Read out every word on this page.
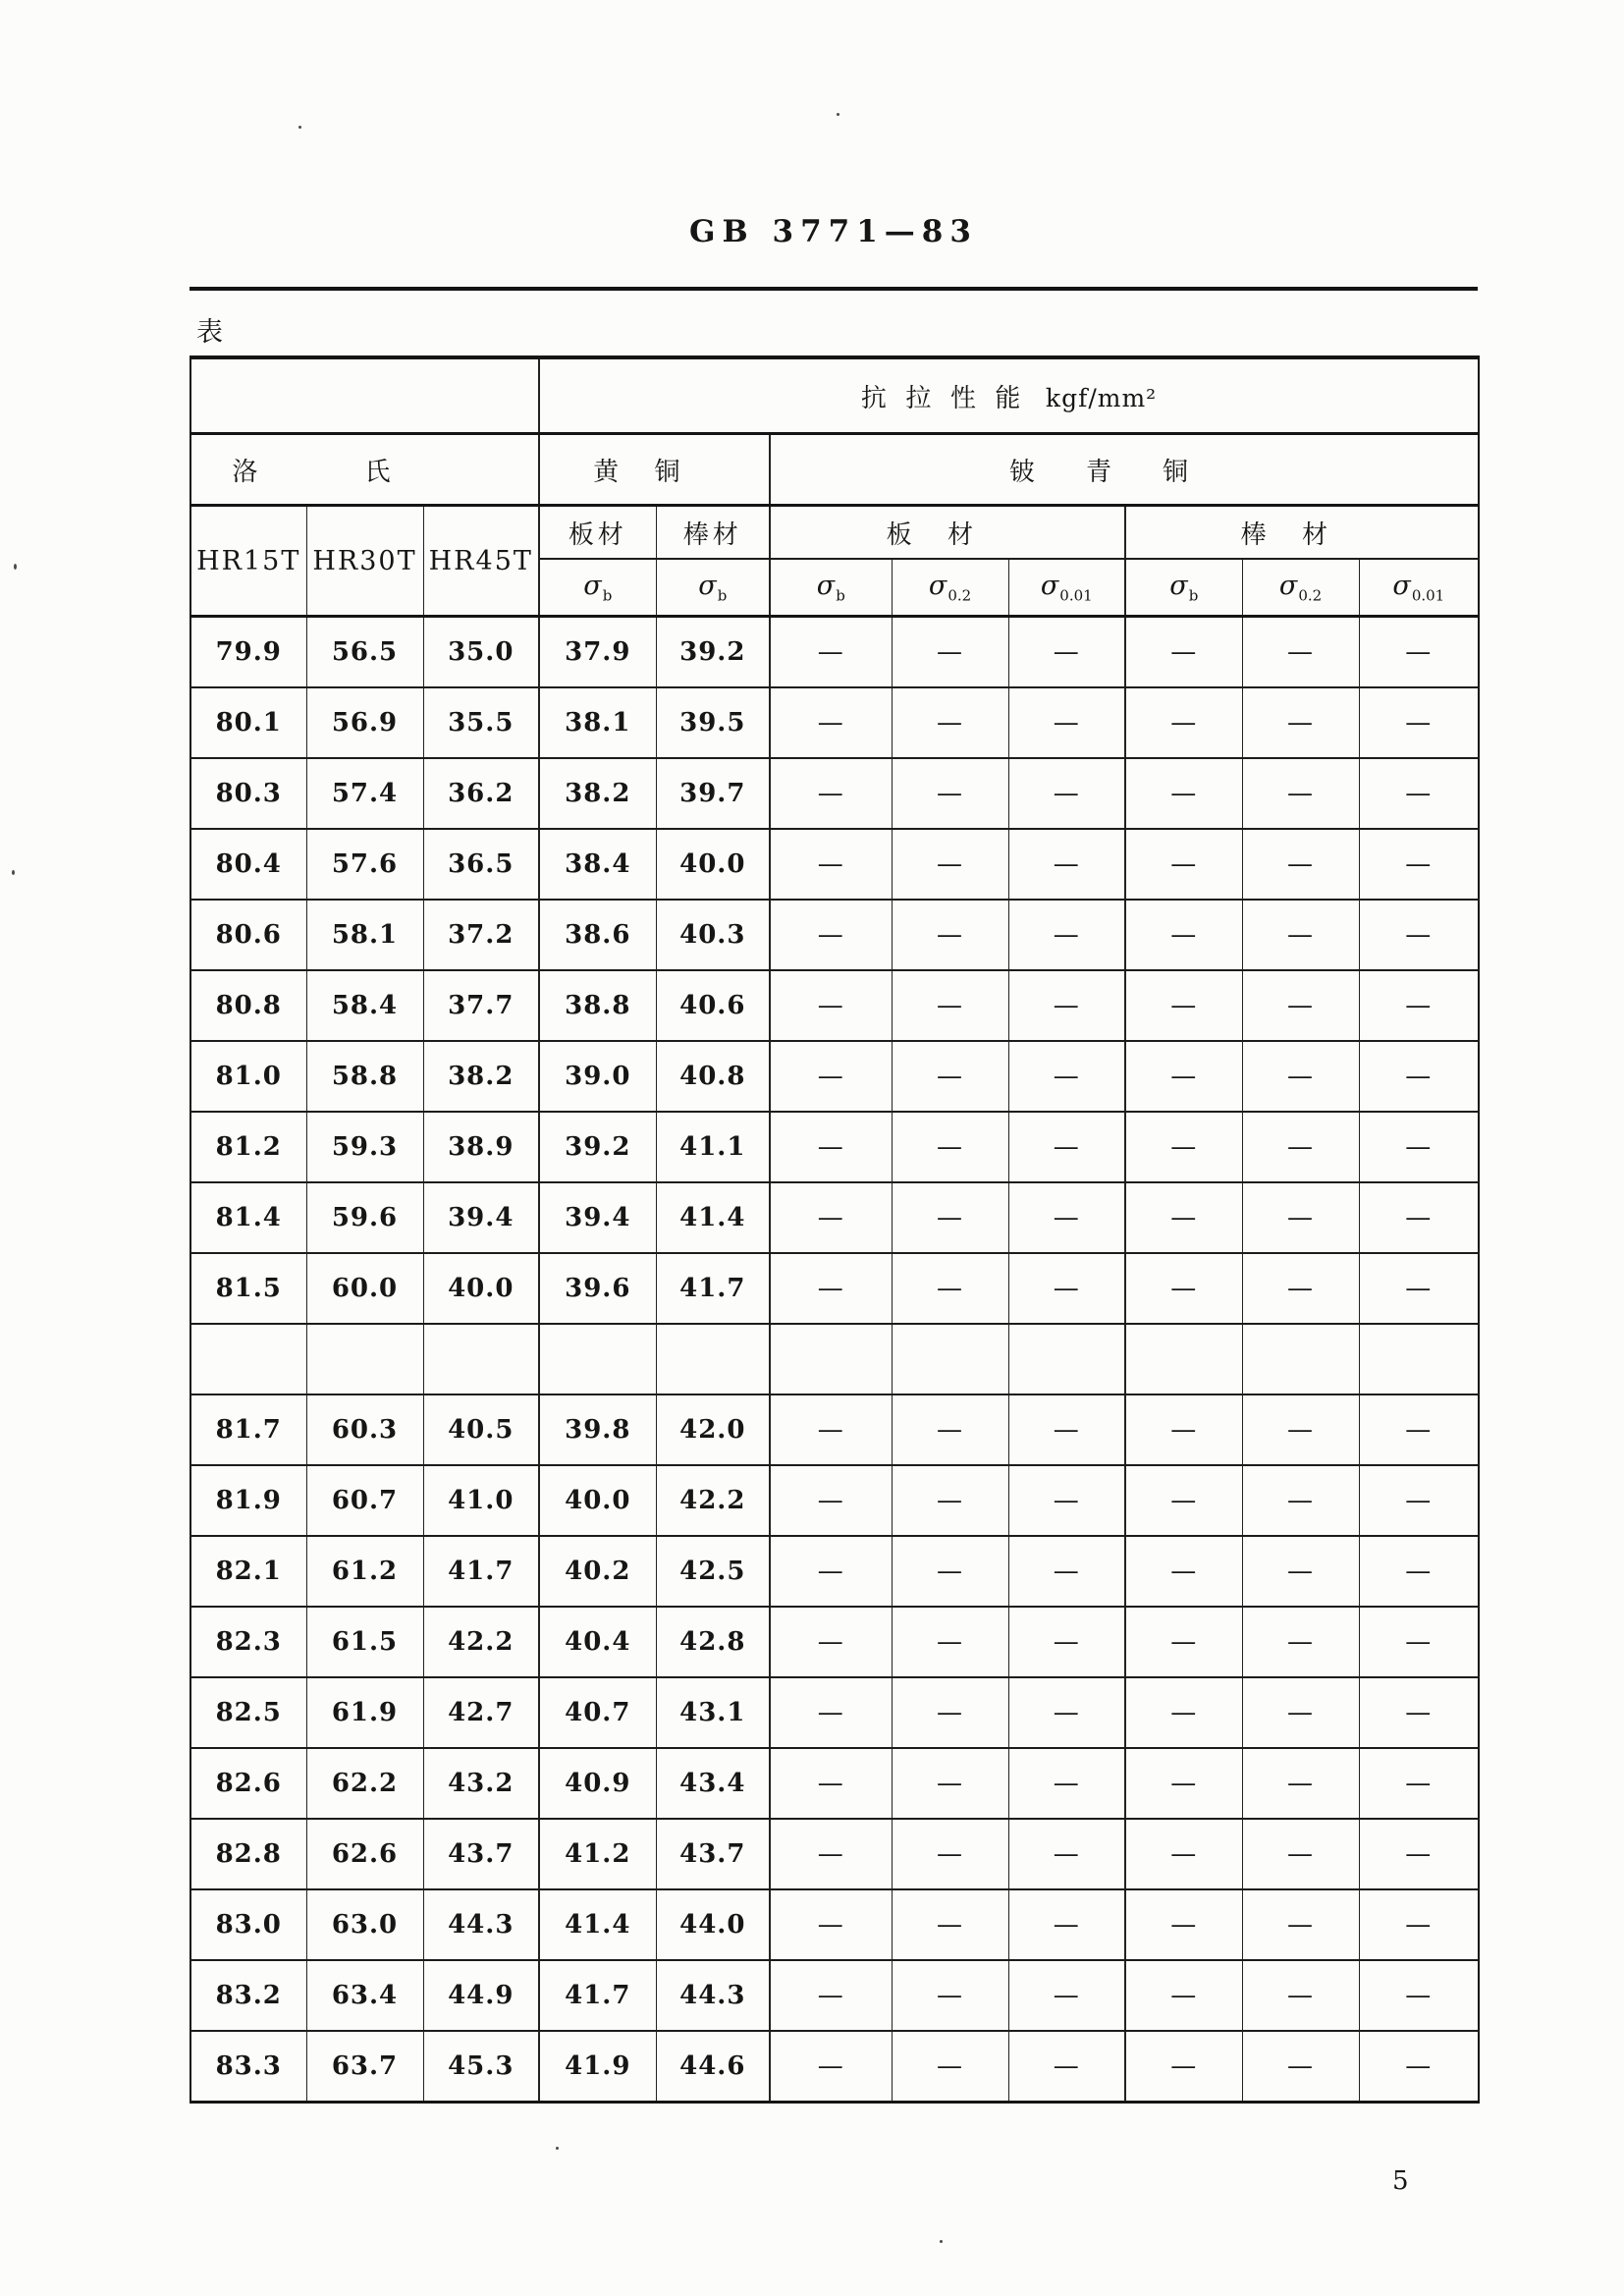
GB 3771—83
表
			抗拉性能 kgf/mm²							
洛氏			黄铜		铍青铜					
HR15T	HR30T	HR45T	板材	棒材	板材			棒材		
			$\sigma_b$	$\sigma_b$	$\sigma_b$	$\sigma_{0.2}$	$\sigma_{0.01}$	$\sigma_b$	$\sigma_{0.2}$	$\sigma_{0.01}$
79.9	56.5	35.0	37.9	39.2	—	—	—	—	—	—
80.1	56.9	35.5	38.1	39.5	—	—	—	—	—	—
80.3	57.4	36.2	38.2	39.7	—	—	—	—	—	—
80.4	57.6	36.5	38.4	40.0	—	—	—	—	—	—
80.6	58.1	37.2	38.6	40.3	—	—	—	—	—	—
80.8	58.4	37.7	38.8	40.6	—	—	—	—	—	—
81.0	58.8	38.2	39.0	40.8	—	—	—	—	—	—
81.2	59.3	38.9	39.2	41.1	—	—	—	—	—	—
81.4	59.6	39.4	39.4	41.4	—	—	—	—	—	—
81.5	60.0	40.0	39.6	41.7	—	—	—	—	—	—

81.7	60.3	40.5	39.8	42.0	—	—	—	—	—	—
81.9	60.7	41.0	40.0	42.2	—	—	—	—	—	—
82.1	61.2	41.7	40.2	42.5	—	—	—	—	—	—
82.3	61.5	42.2	40.4	42.8	—	—	—	—	—	—
82.5	61.9	42.7	40.7	43.1	—	—	—	—	—	—
82.6	62.2	43.2	40.9	43.4	—	—	—	—	—	—
82.8	62.6	43.7	41.2	43.7	—	—	—	—	—	—
83.0	63.0	44.3	41.4	44.0	—	—	—	—	—	—
83.2	63.4	44.9	41.7	44.3	—	—	—	—	—	—
83.3	63.7	45.3	41.9	44.6	—	—	—	—	—	—
5
